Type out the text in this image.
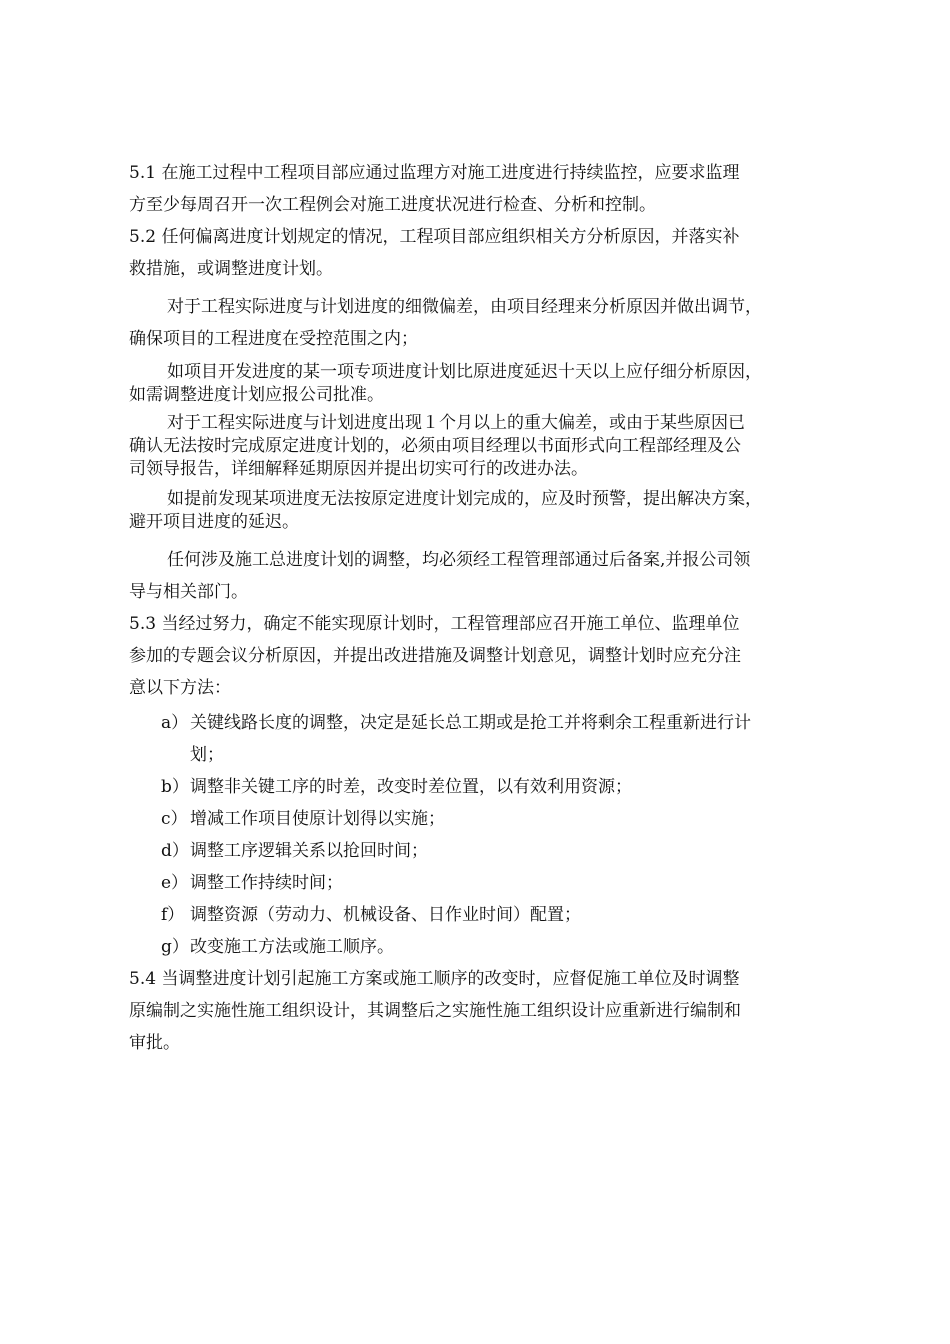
5.1 在施工过程中工程项目部应通过监理方对施工进度进行持续监控，应要求监理
方至少每周召开一次工程例会对施工进度状况进行检查、分析和控制。
5.2 任何偏离进度计划规定的情况，工程项目部应组织相关方分析原因，并落实补
救措施，或调整进度计划。
对于工程实际进度与计划进度的细微偏差，由项目经理来分析原因并做出调节，
确保项目的工程进度在受控范围之内；
如项目开发进度的某一项专项进度计划比原进度延迟十天以上应仔细分析原因，
如需调整进度计划应报公司批准。
对于工程实际进度与计划进度出现１个月以上的重大偏差，或由于某些原因已
确认无法按时完成原定进度计划的，必须由项目经理以书面形式向工程部经理及公
司领导报告，详细解释延期原因并提出切实可行的改进办法。
如提前发现某项进度无法按原定进度计划完成的，应及时预警，提出解决方案，
避开项目进度的延迟。
任何涉及施工总进度计划的调整，均必须经工程管理部通过后备案,并报公司领
导与相关部门。
5.3 当经过努力，确定不能实现原计划时，工程管理部应召开施工单位、监理单位
参加的专题会议分析原因，并提出改进措施及调整计划意见，调整计划时应充分注
意以下方法：
a） 关键线路长度的调整，决定是延长总工期或是抢工并将剩余工程重新进行计
划；
b） 调整非关键工序的时差，改变时差位置，以有效利用资源；
c） 增减工作项目使原计划得以实施；
d） 调整工序逻辑关系以抢回时间；
e） 调整工作持续时间；
f） 调整资源（劳动力、机械设备、日作业时间）配置；
g） 改变施工方法或施工顺序。
5.4 当调整进度计划引起施工方案或施工顺序的改变时，应督促施工单位及时调整
原编制之实施性施工组织设计，其调整后之实施性施工组织设计应重新进行编制和
审批。
